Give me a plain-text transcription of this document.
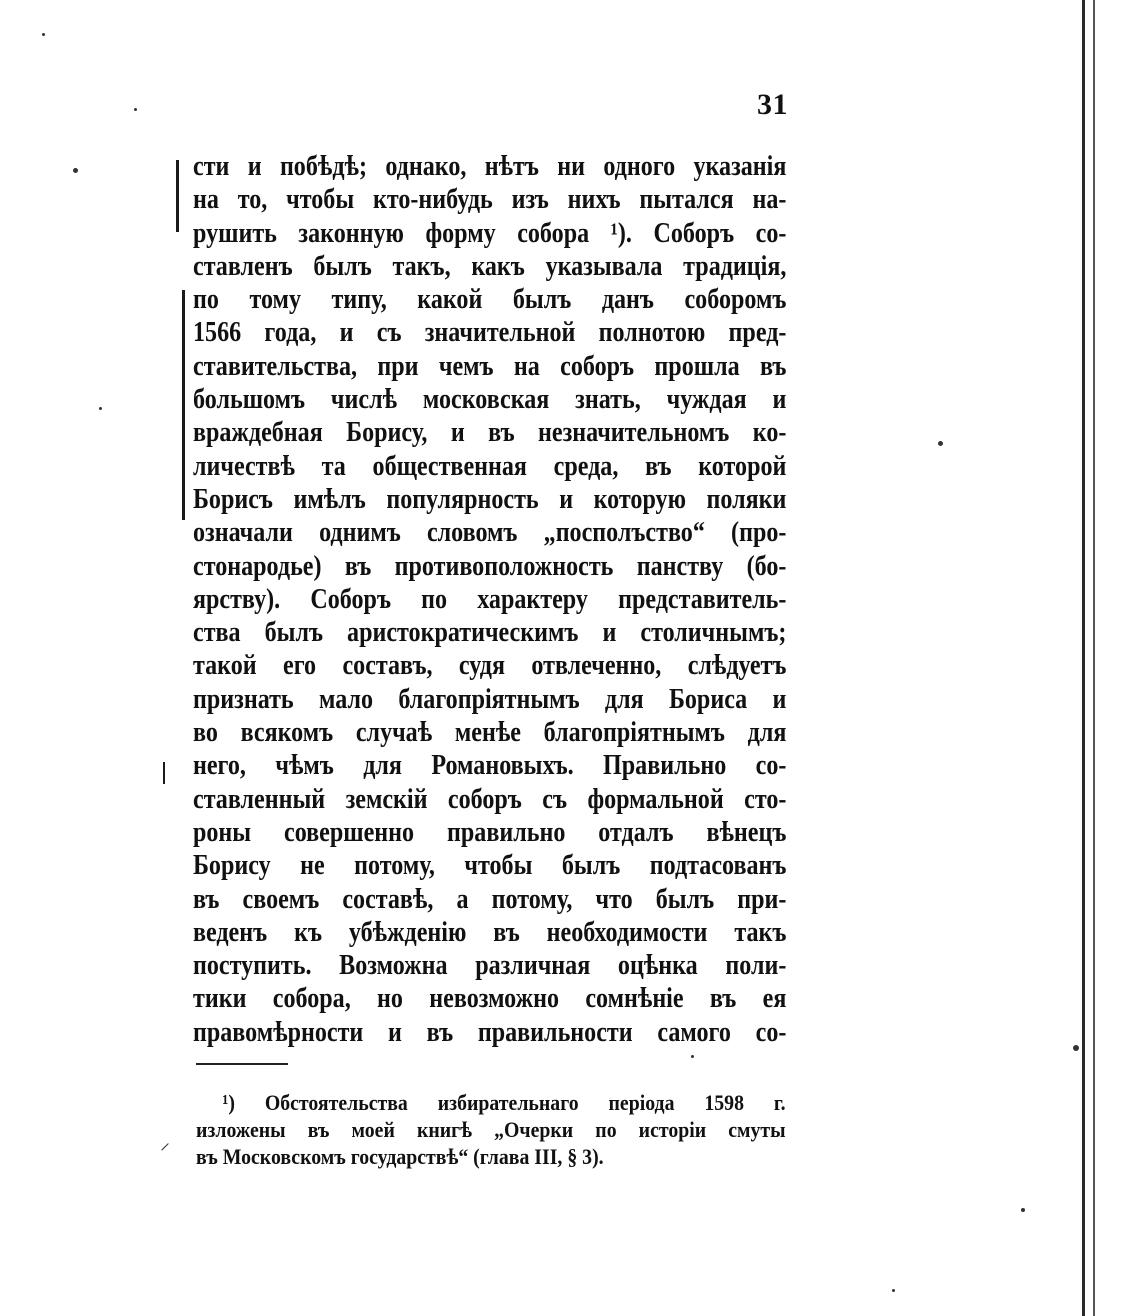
31
сти и побѣдѣ; однако, нѣтъ ни одного указанія
на то, чтобы кто-нибудь изъ нихъ пытался на-
рушить законную форму собора ¹). Соборъ со-
ставленъ былъ такъ, какъ указывала традиція,
по тому типу, какой былъ данъ соборомъ
1566 года, и съ значительной полнотою пред-
ставительства, при чемъ на соборъ прошла въ
большомъ числѣ московская знать, чуждая и
враждебная Борису, и въ незначительномъ ко-
личествѣ та общественная среда, въ которой
Борисъ имѣлъ популярность и которую поляки
означали однимъ словомъ „посполъство“ (про-
стонародье) въ противоположность панству (бо-
ярству). Соборъ по характеру представитель-
ства былъ аристократическимъ и столичнымъ;
такой его составъ, судя отвлеченно, слѣдуетъ
признать мало благопріятнымъ для Бориса и
во всякомъ случаѣ менѣе благопріятнымъ для
него, чѣмъ для Романовыхъ. Правильно со-
ставленный земскій соборъ съ формальной сто-
роны совершенно правильно отдалъ вѣнецъ
Борису не потому, чтобы былъ подтасованъ
въ своемъ составѣ, а потому, что былъ при-
веденъ къ убѣжденію въ необходимости такъ
поступить. Возможна различная оцѣнка поли-
тики собора, но невозможно сомнѣніе въ ея
правомѣрности и въ правильности самого со-
¹) Обстоятельства избирательнаго періода 1598 г.
изложены въ моей книгѣ „Очерки по исторіи смуты
въ Московскомъ государствѣ“ (глава III, § 3).
⸝
